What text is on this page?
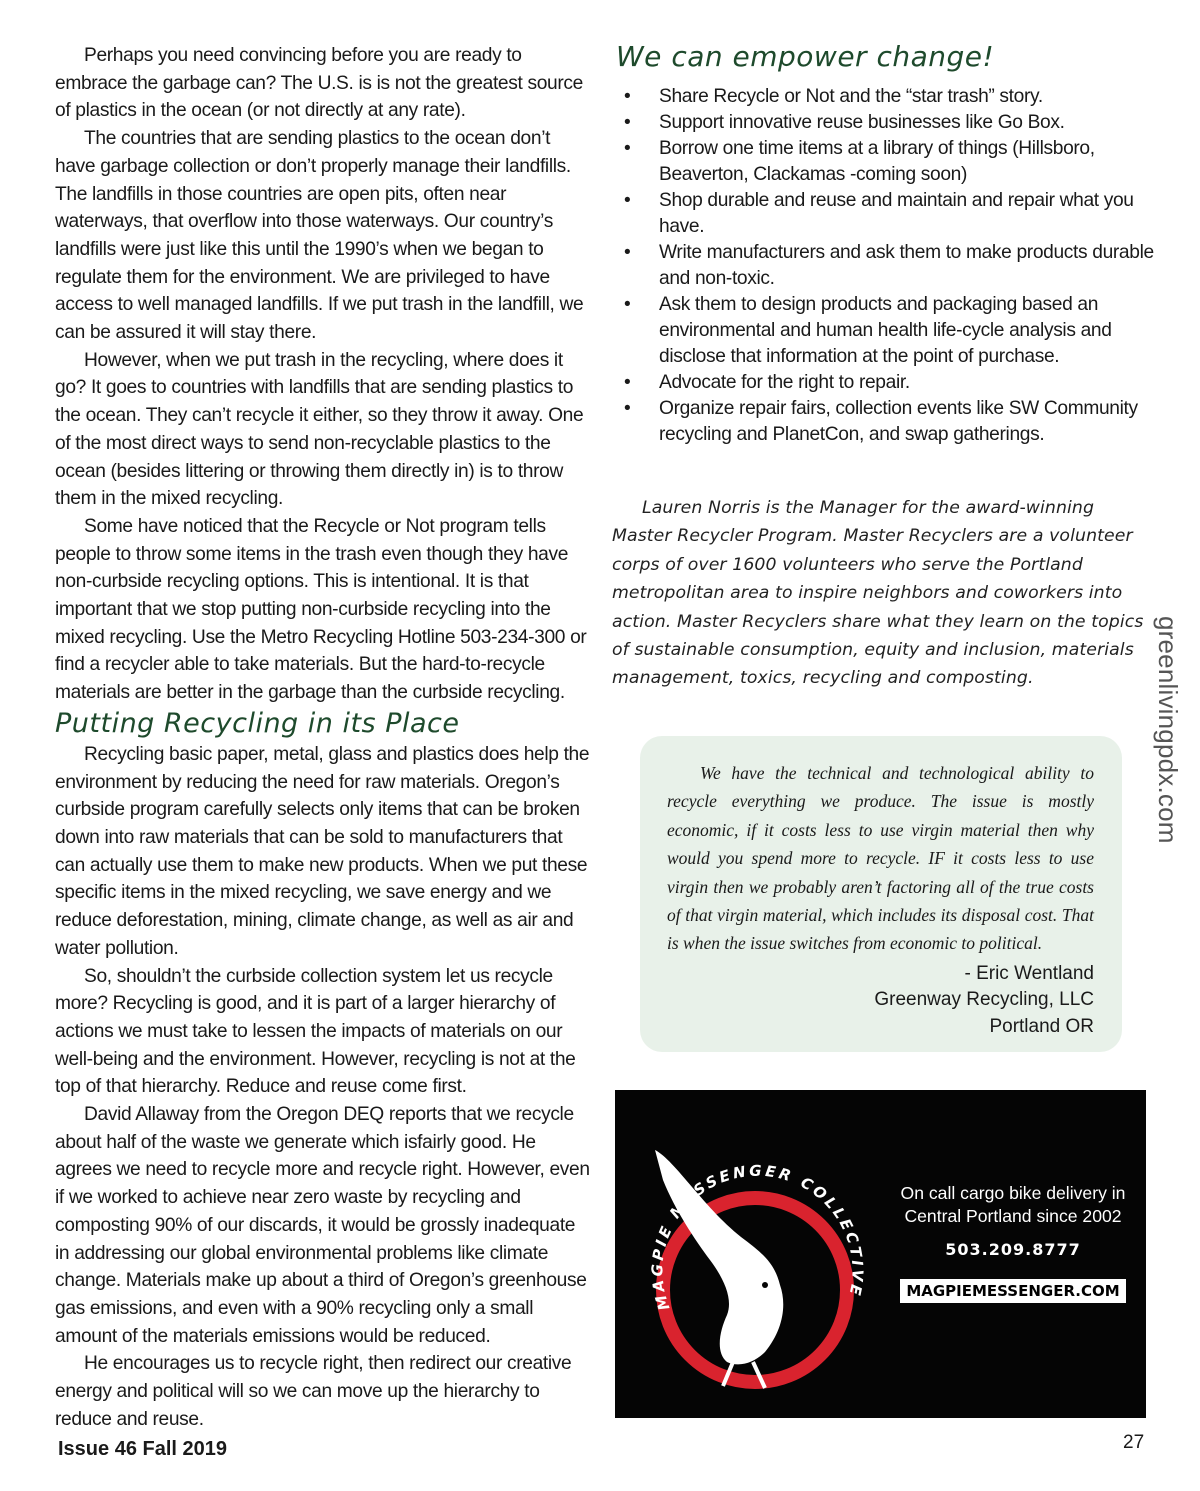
Perhaps you need convincing before you are ready to embrace the garbage can? The U.S. is is not the greatest source of plastics in the ocean (or not directly at any rate).

The countries that are sending plastics to the ocean don’t have garbage collection or don’t properly manage their landfills. The landfills in those countries are open pits, often near waterways, that overflow into those waterways. Our country’s landfills were just like this until the 1990’s when we began to regulate them for the environment. We are privileged to have access to well managed landfills. If we put trash in the landfill, we can be assured it will stay there.

However, when we put trash in the recycling, where does it go? It goes to countries with landfills that are sending plastics to the ocean. They can’t recycle it either, so they throw it away. One of the most direct ways to send non-recyclable plastics to the ocean (besides littering or throwing them directly in) is to throw them in the mixed recycling.

Some have noticed that the Recycle or Not program tells people to throw some items in the trash even though they have non-curbside recycling options. This is intentional. It is that important that we stop putting non-curbside recycling into the mixed recycling. Use the Metro Recycling Hotline 503-234-300 or find a recycler able to take materials. But the hard-to-recycle materials are better in the garbage than the curbside recycling.

Putting Recycling in its Place

Recycling basic paper, metal, glass and plastics does help the environment by reducing the need for raw materials. Oregon’s curbside program carefully selects only items that can be broken down into raw materials that can be sold to manufacturers that can actually use them to make new products. When we put these specific items in the mixed recycling, we save energy and we reduce deforestation, mining, climate change, as well as air and water pollution.

So, shouldn’t the curbside collection system let us recycle more? Recycling is good, and it is part of a larger hierarchy of actions we must take to lessen the impacts of materials on our well-being and the environment. However, recycling is not at the top of that hierarchy. Reduce and reuse come first.

David Allaway from the Oregon DEQ reports that we recycle about half of the waste we generate which isfairly good. He agrees we need to recycle more and recycle right. However, even if we worked to achieve near zero waste by recycling and composting 90% of our discards, it would be grossly inadequate in addressing our global environmental problems like climate change. Materials make up about a third of Oregon’s greenhouse gas emissions, and even with a 90% recycling only a small amount of the materials emissions would be reduced.

He encourages us to recycle right, then redirect our creative energy and political will so we can move up the hierarchy to reduce and reuse.

We can empower change!
• Share Recycle or Not and the “star trash” story.
• Support innovative reuse businesses like Go Box.
• Borrow one time items at a library of things (Hillsboro, Beaverton, Clackamas -coming soon)
• Shop durable and reuse and maintain and repair what you have.
• Write manufacturers and ask them to make products durable and non-toxic.
• Ask them to design products and packaging based an environmental and human health life-cycle analysis and disclose that information at the point of purchase.
• Advocate for the right to repair.
• Organize repair fairs, collection events like SW Community recycling and PlanetCon, and swap gatherings.

Lauren Norris is the Manager for the award-winning Master Recycler Program. Master Recyclers are a volunteer corps of over 1600 volunteers who serve the Portland metropolitan area to inspire neighbors and coworkers into action. Master Recyclers share what they learn on the topics of sustainable consumption, equity and inclusion, materials management, toxics, recycling and composting.

We have the technical and technological ability to recycle everything we produce. The issue is mostly economic, if it costs less to use virgin material then why would you spend more to recycle. IF it costs less to use virgin then we probably aren’t factoring all of the true costs of that virgin material, which includes its disposal cost. That is when the issue switches from economic to political.

- Eric Wentland
Greenway Recycling, LLC
Portland OR
MAGPIE MESSENGER COLLECTIVE
On call cargo bike delivery in Central Portland since 2002
503.209.8777
MAGPIEMESSENGER.COM
greenlivingpdx.com
Issue 46 Fall 2019	27
